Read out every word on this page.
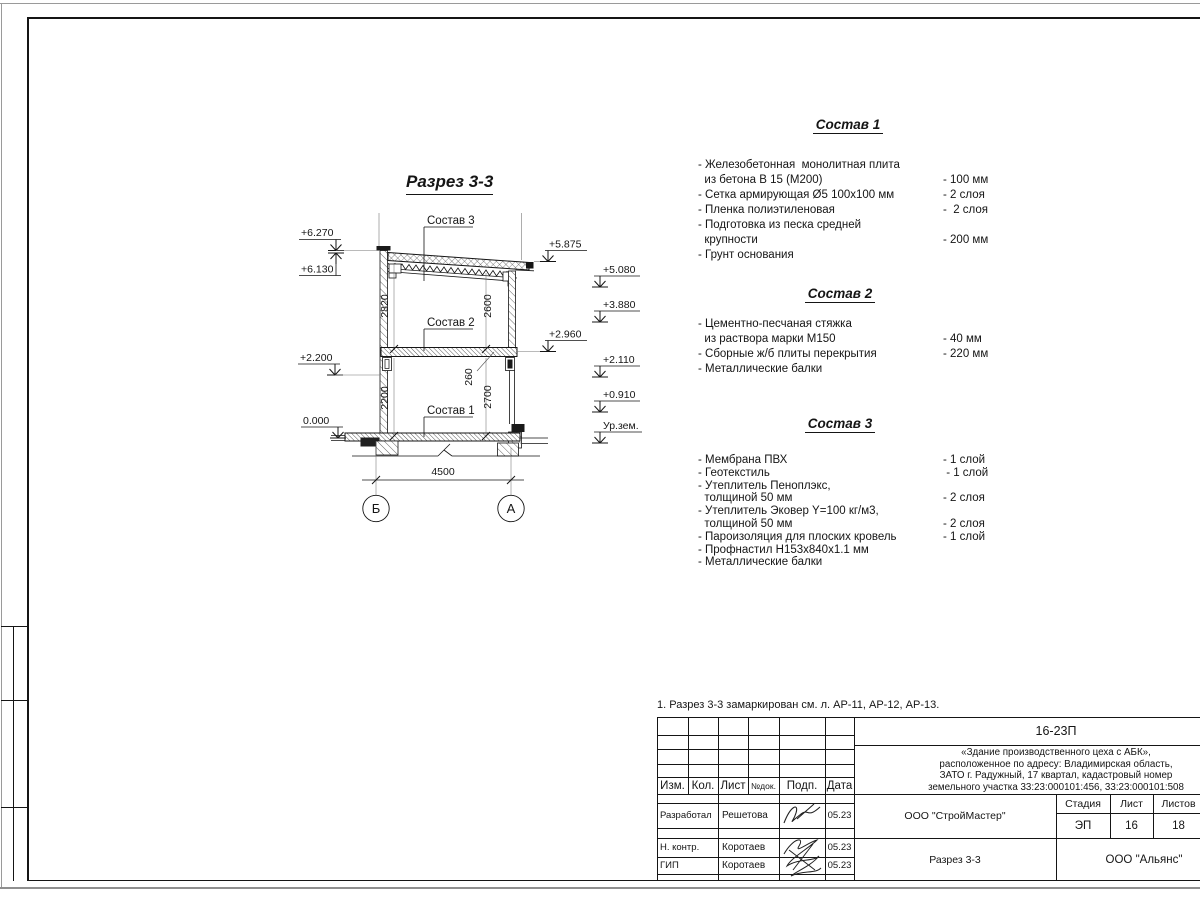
Разрез 3-3
Состав 3
Состав 2
Состав 1
2820	2600
2200
260
2700
+6.270
+6.130
+2.200
0.000
+5.875
+2.960
+5.080
+3.880
+2.110
+0.910
Ур.зем.
4500
Б	А
Состав 1
- Железобетонная  монолитная плита
из бетона В 15 (М200)	- 100 мм
- Сетка армирующая Ø5 100x100 мм	- 2 слоя
- Пленка полиэтиленовая	-  2 слоя
- Подготовка из песка средней
крупности	- 200 мм
- Грунт основания
Состав 2
- Цементно-песчаная стяжка
из раствора марки М150	- 40 мм
- Сборные ж/б плиты перекрытия	- 220 мм
- Металлические балки
Состав 3
- Мембрана ПВХ	- 1 слой
- Геотекстиль	- 1 слой
- Утеплитель Пеноплэкс,
толщиной 50 мм	- 2 слоя
- Утеплитель Эковер Y=100 кг/м3,
толщиной 50 мм	- 2 слоя
- Пароизоляция для плоских кровель	- 1 слой
- Профнастил Н153х840х1.1 мм
- Металлические балки
1. Разрез 3-3 замаркирован см. л. АР-11, АР-12, АР-13.
Изм. Кол. Лист №док. Подп. Дата
Разработал	Решетова	05.23
Н. контр.	Коротаев	05.23
ГИП	Коротаев	05.23
16-23П
«Здание производственного цеха с АБК»,
расположенное по адресу: Владимирская область,
ЗАТО г. Радужный, 17 квартал, кадастровый номер
земельного участка 33:23:000101:456, 33:23:000101:508
ООО "СтройМастер"
Разрез 3-3
Стадия	Лист	Листов
ЭП	16	18
ООО "Альянс"
